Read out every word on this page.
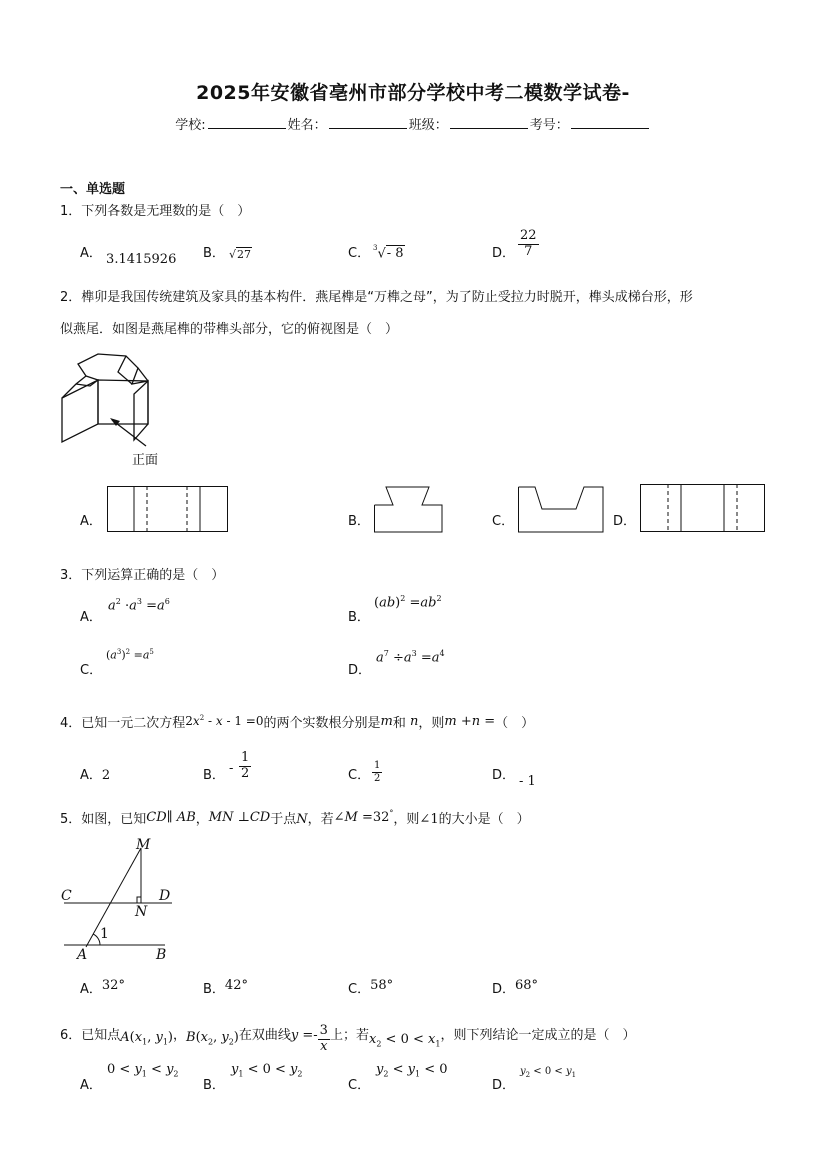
2025年安徽省亳州市部分学校中考二模数学试卷-
学校:	姓名：	班级：	考号：
一、单选题
1．下列各数是无理数的是（　）
A． 3.1415926 B． √27	C． $^3$√- 8	D． $\frac{22}{7}$
2．榫卯是我国传统建筑及家具的基本构件．燕尾榫是“万榫之母”，为了防止受拉力时脱开，榫头成梯台形，形
似燕尾．如图是燕尾榫的带榫头部分，它的俯视图是（　）
正面
A．	B．	C．	D．
3．下列运算正确的是（　）
A．
$a^2 \cdot a^3 =a^6$
B．
$(ab)^2 =ab^2$
C．
$(a^3)^2 =a^5$
D．
$a^7 \div a^3 =a^4$
4．已知一元二次方程$2x^2 - x - 1 =0$的两个实数根分别是m和 n，则m +n =（　）
A．2	B． - $\frac{1}{2}$	C． $\frac{1}{2}$	D． - 1
5．如图，已知CD∥ AB，MN ⊥CD于点N，若∠M =32°，则∠1的大小是（　）
M
C	D
N
A	B
1
A．32°	B．42°	C．58°	D．68°
6．已知点$A(x_1$, $y_1$)，$B(x_2$, $y_2$)在双曲线$y =- \frac{3}{x}$ 上；若$x_2 < 0 < x_1$，则下列结论一定成立的是（　）
A．
$0 < y_1 < y_2$
B．
$y_1 < 0 < y_2$
C．
$y_2 < y_1 < 0$
D．
$y_2 < 0 < y_1$
